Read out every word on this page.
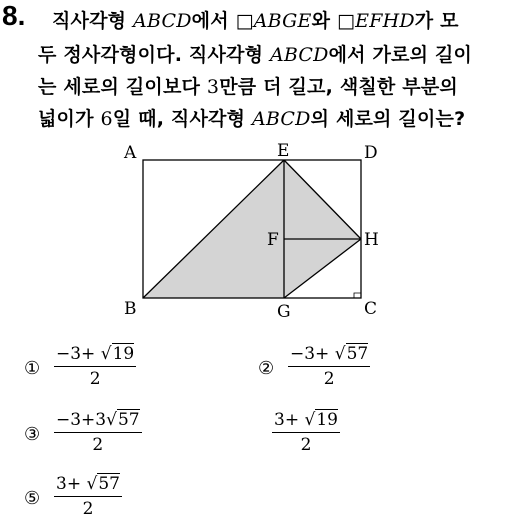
8. 직사각형 ABCD에서 □ABGE와 □EFHD가 모
두 정사각형이다. 직사각형 ABCD에서 가로의 길이
는 세로의 길이보다 3만큼 더 길고, 색칠한 부분의
넓이가 6일 때, 직사각형 ABCD의 세로의 길이는?
A	E	D
F	H
B	G	C
① $\frac{-3+ √19}{2}$	② $\frac{-3+ √57}{2}$
③ $\frac{-3+3√57}{2}$	$\frac{3+ √19}{2}$
⑤ $\frac{3+ √57}{2}$
